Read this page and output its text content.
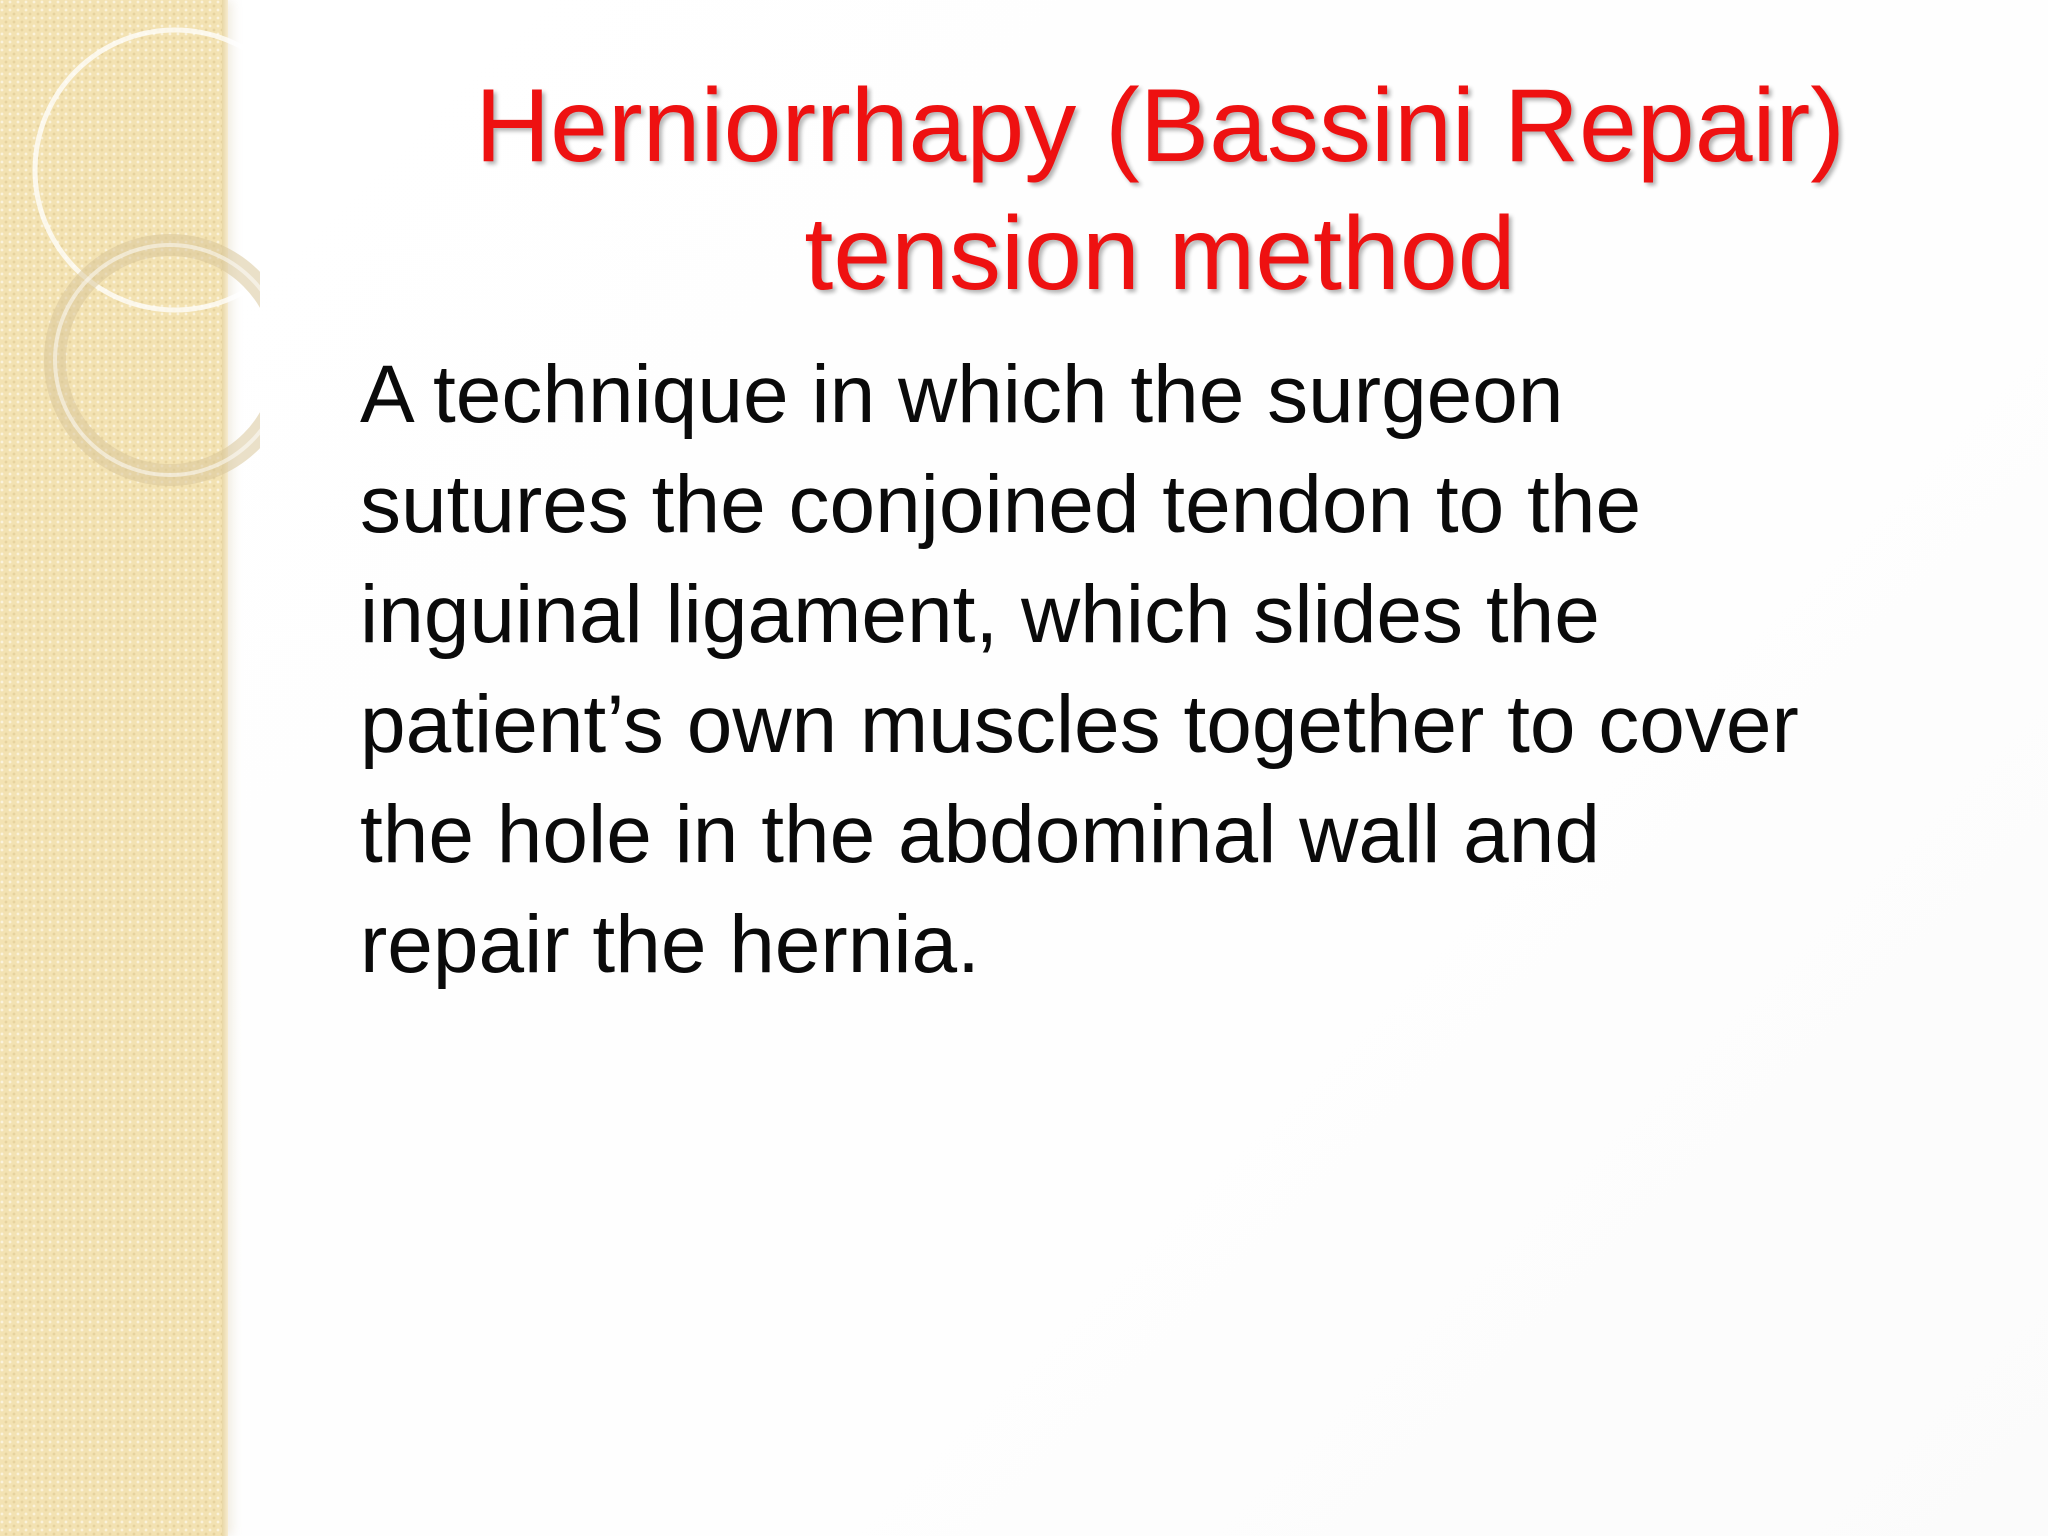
Herniorrhapy (Bassini Repair)
tension method
A technique in which the surgeon
sutures the conjoined tendon to the
inguinal ligament, which slides the
patient’s own muscles together to cover
the hole in the abdominal wall and
repair the hernia.
